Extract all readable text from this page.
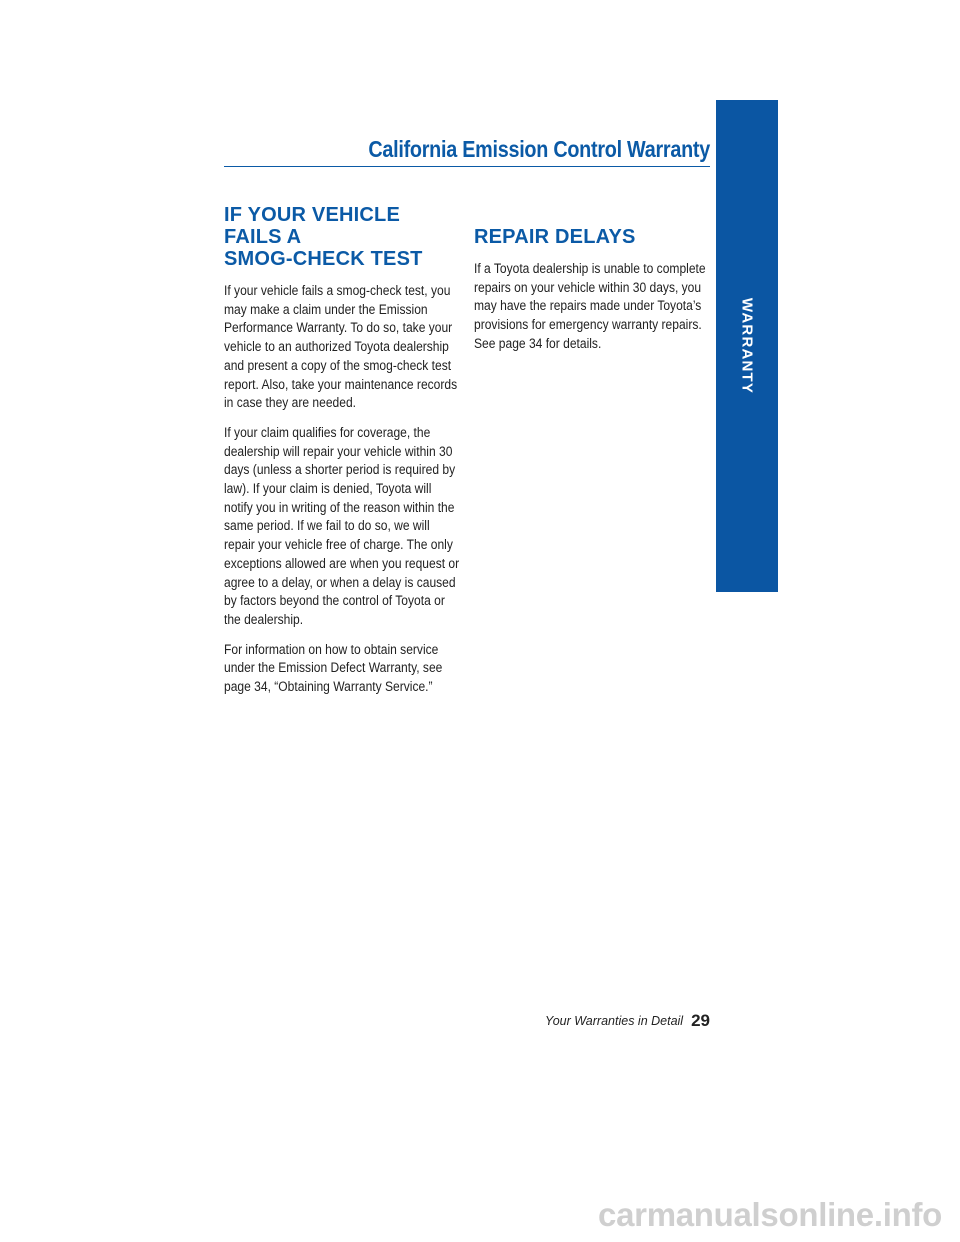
California Emission Control Warranty
WARRANTY
IF YOUR VEHICLE FAILS A
SMOG-CHECK TEST

If your vehicle fails a smog-check test, you may make a claim under the Emission Performance Warranty. To do so, take your vehicle to an authorized Toyota dealership and present a copy of the smog-check test report. Also, take your maintenance records in case they are needed.

If your claim qualifies for coverage, the dealership will repair your vehicle within 30 days (unless a shorter period is required by law). If your claim is denied, Toyota will notify you in writing of the reason within the same period. If we fail to do so, we will repair your vehicle free of charge. The only exceptions allowed are when you request or agree to a delay, or when a delay is caused by factors beyond the control of Toyota or the dealership.

For information on how to obtain service under the Emission Defect Warranty, see page 34, “Obtaining Warranty Service.”

REPAIR DELAYS

If a Toyota dealership is unable to complete repairs on your vehicle within 30 days, you may have the repairs made under Toyota’s provisions for emergency warranty repairs. See page 34 for details.

Your Warranties in Detail 29
carmanualsonline.info
